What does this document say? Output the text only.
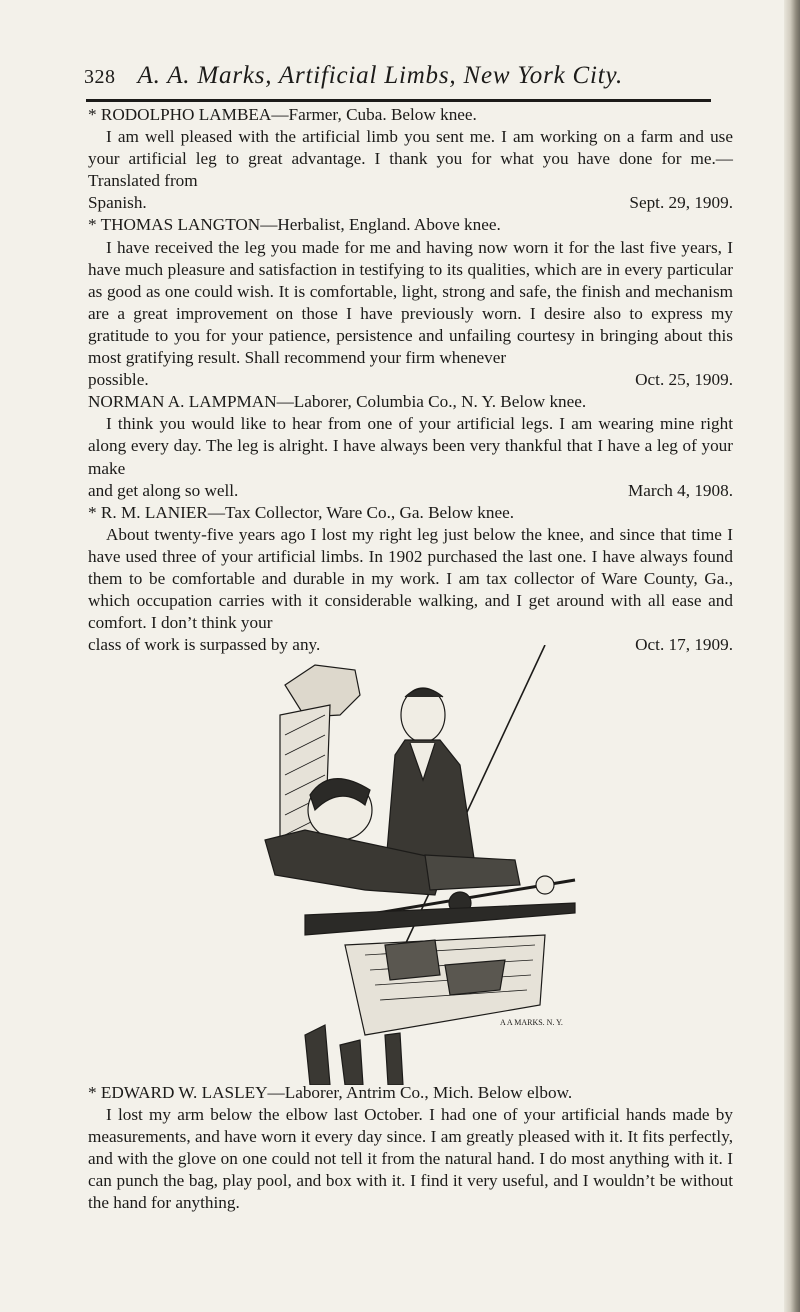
328 A. A. Marks, Artificial Limbs, New York City.
* RODOLPHO LAMBEA—Farmer, Cuba. Below knee.
I am well pleased with the artificial limb you sent me. I am working on a farm and use your artificial leg to great advantage. I thank you for what you have done for me.—Translated from
Spanish.	Sept. 29, 1909.
* THOMAS LANGTON—Herbalist, England. Above knee.
I have received the leg you made for me and having now worn it for the last five years, I have much pleasure and satisfaction in testifying to its qualities, which are in every particular as good as one could wish. It is comfortable, light, strong and safe, the finish and mechanism are a great improvement on those I have previously worn. I desire also to express my gratitude to you for your patience, persistence and unfailing courtesy in bringing about this most gratifying result. Shall recommend your firm whenever
possible.	Oct. 25, 1909.
NORMAN A. LAMPMAN—Laborer, Columbia Co., N. Y. Below knee.
I think you would like to hear from one of your artificial legs. I am wearing mine right along every day. The leg is alright. I have always been very thankful that I have a leg of your make
and get along so well.	March 4, 1908.
* R. M. LANIER—Tax Collector, Ware Co., Ga. Below knee.
About twenty-five years ago I lost my right leg just below the knee, and since that time I have used three of your artificial limbs. In 1902 purchased the last one. I have always found them to be comfortable and durable in my work. I am tax collector of Ware County, Ga., which occupation carries with it considerable walking, and I get around with all ease and comfort. I don’t think your
class of work is surpassed by any.	Oct. 17, 1909.
A A MARKS. N. Y.
* EDWARD W. LASLEY—Laborer, Antrim Co., Mich. Below elbow.
I lost my arm below the elbow last October. I had one of your artificial hands made by measurements, and have worn it every day since. I am greatly pleased with it. It fits perfectly, and with the glove on one could not tell it from the natural hand. I do most anything with it. I can punch the bag, play pool, and box with it. I find it very useful, and I wouldn’t be without the hand for anything.
